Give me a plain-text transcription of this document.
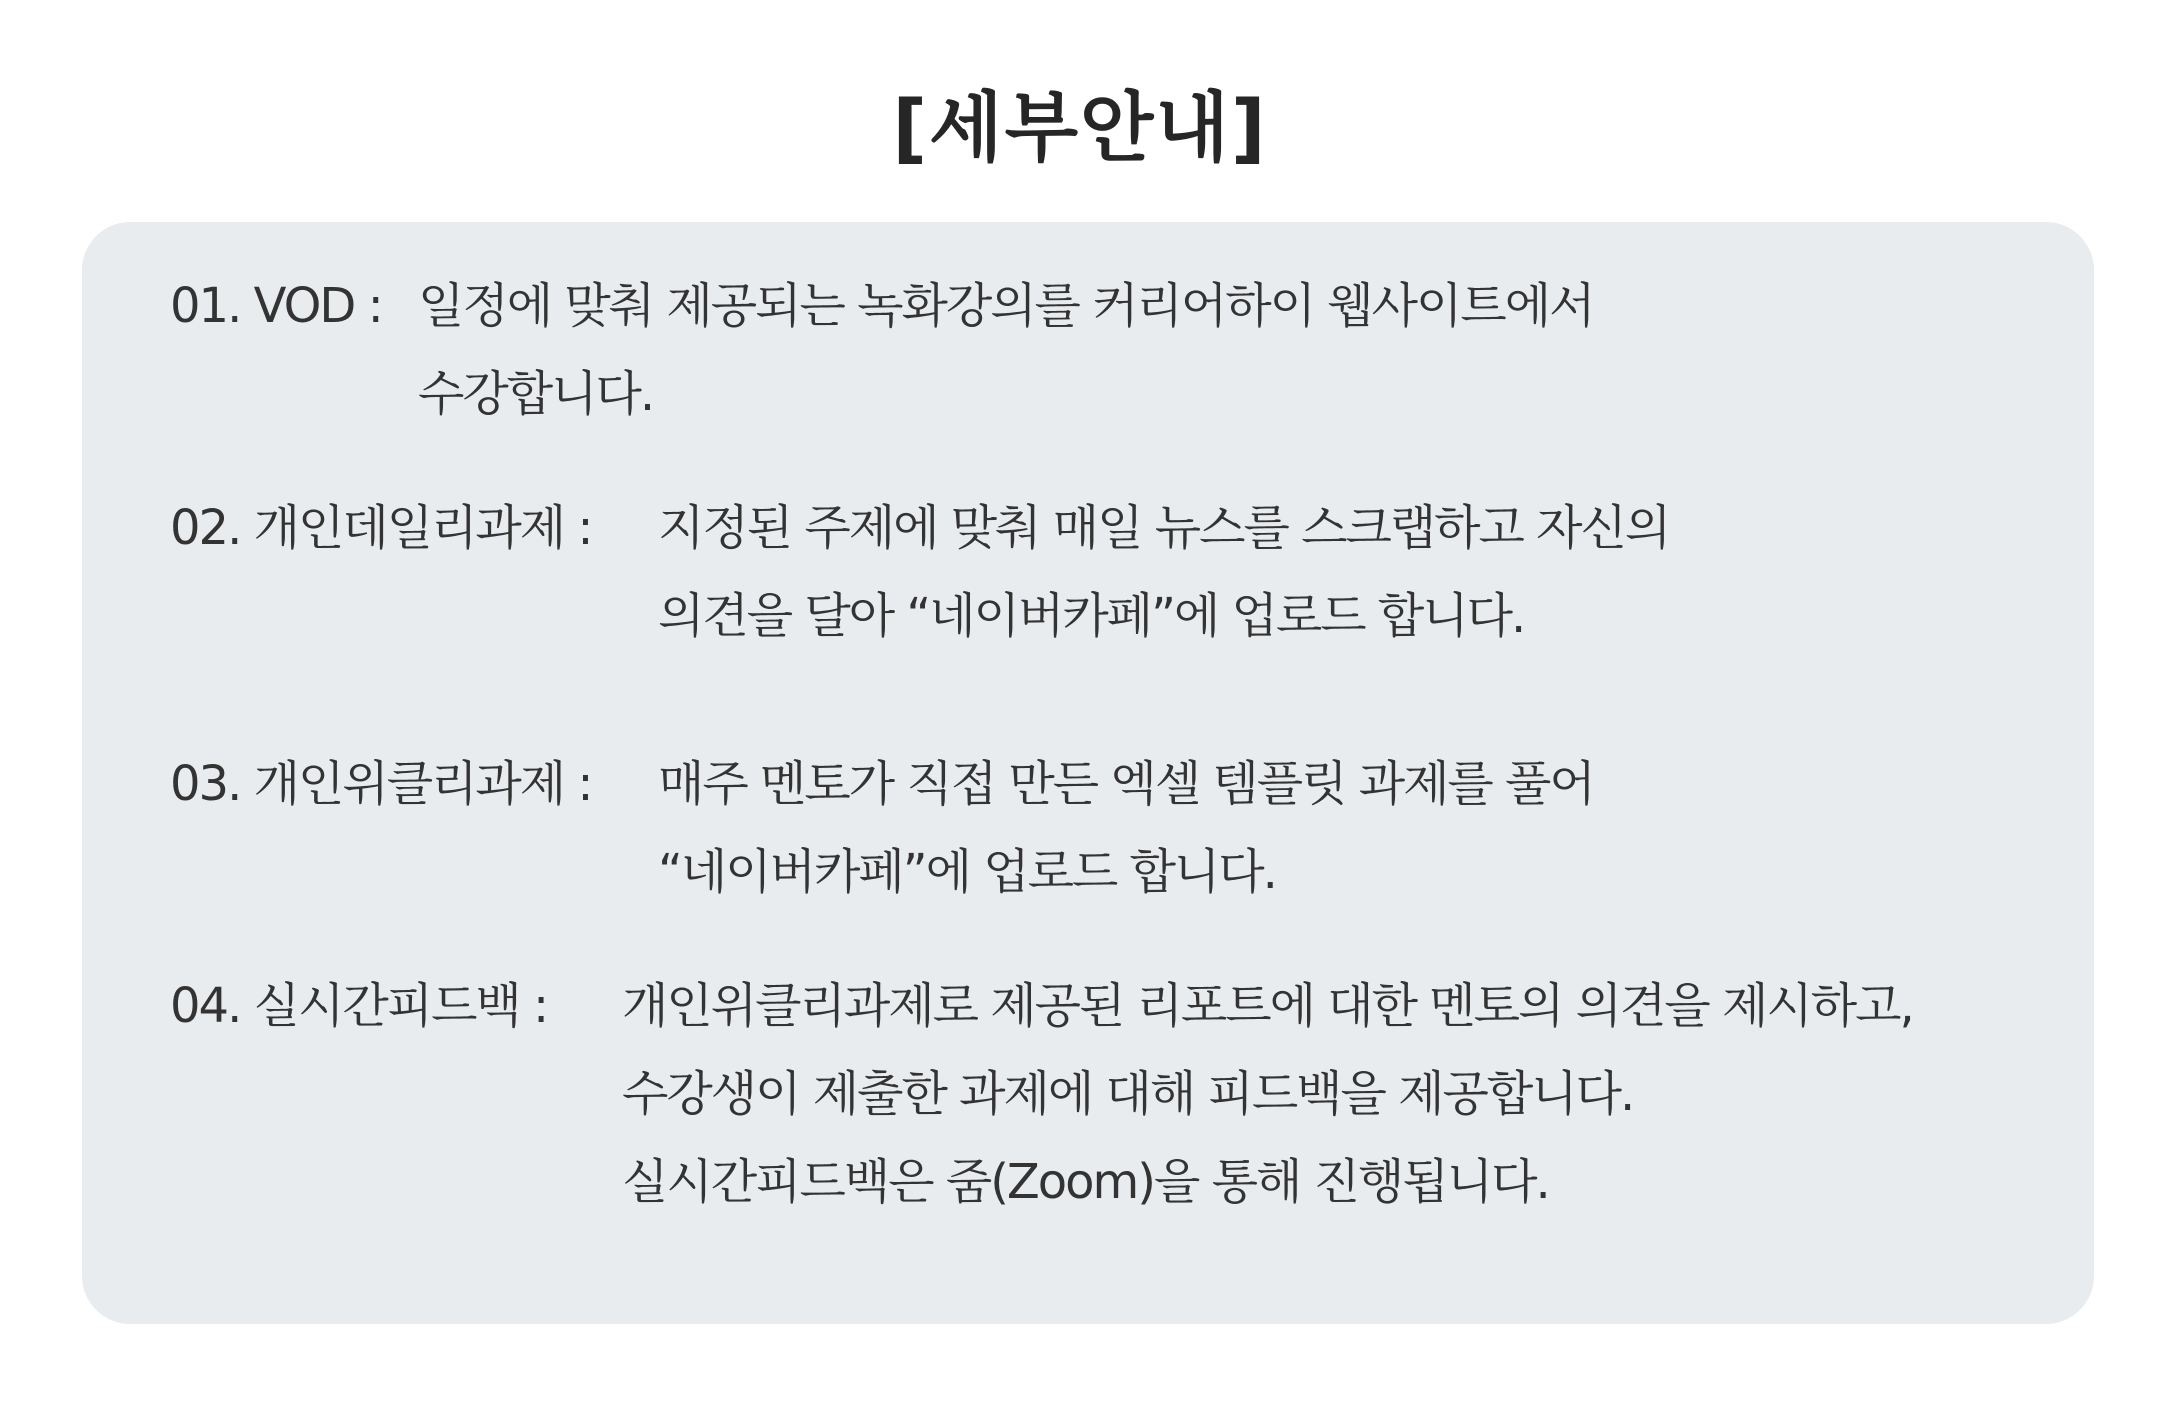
[세부안내]
01. VOD : 일정에 맞춰 제공되는 녹화강의를 커리어하이 웹사이트에서
수강합니다.
02. 개인데일리과제 : 지정된 주제에 맞춰 매일 뉴스를 스크랩하고 자신의
의견을 달아 “네이버카페”에 업로드 합니다.
03. 개인위클리과제 : 매주 멘토가 직접 만든 엑셀 템플릿 과제를 풀어
“네이버카페”에 업로드 합니다.
04. 실시간피드백 : 개인위클리과제로 제공된 리포트에 대한 멘토의 의견을 제시하고,
수강생이 제출한 과제에 대해 피드백을 제공합니다.
실시간피드백은 줌(Zoom)을 통해 진행됩니다.
